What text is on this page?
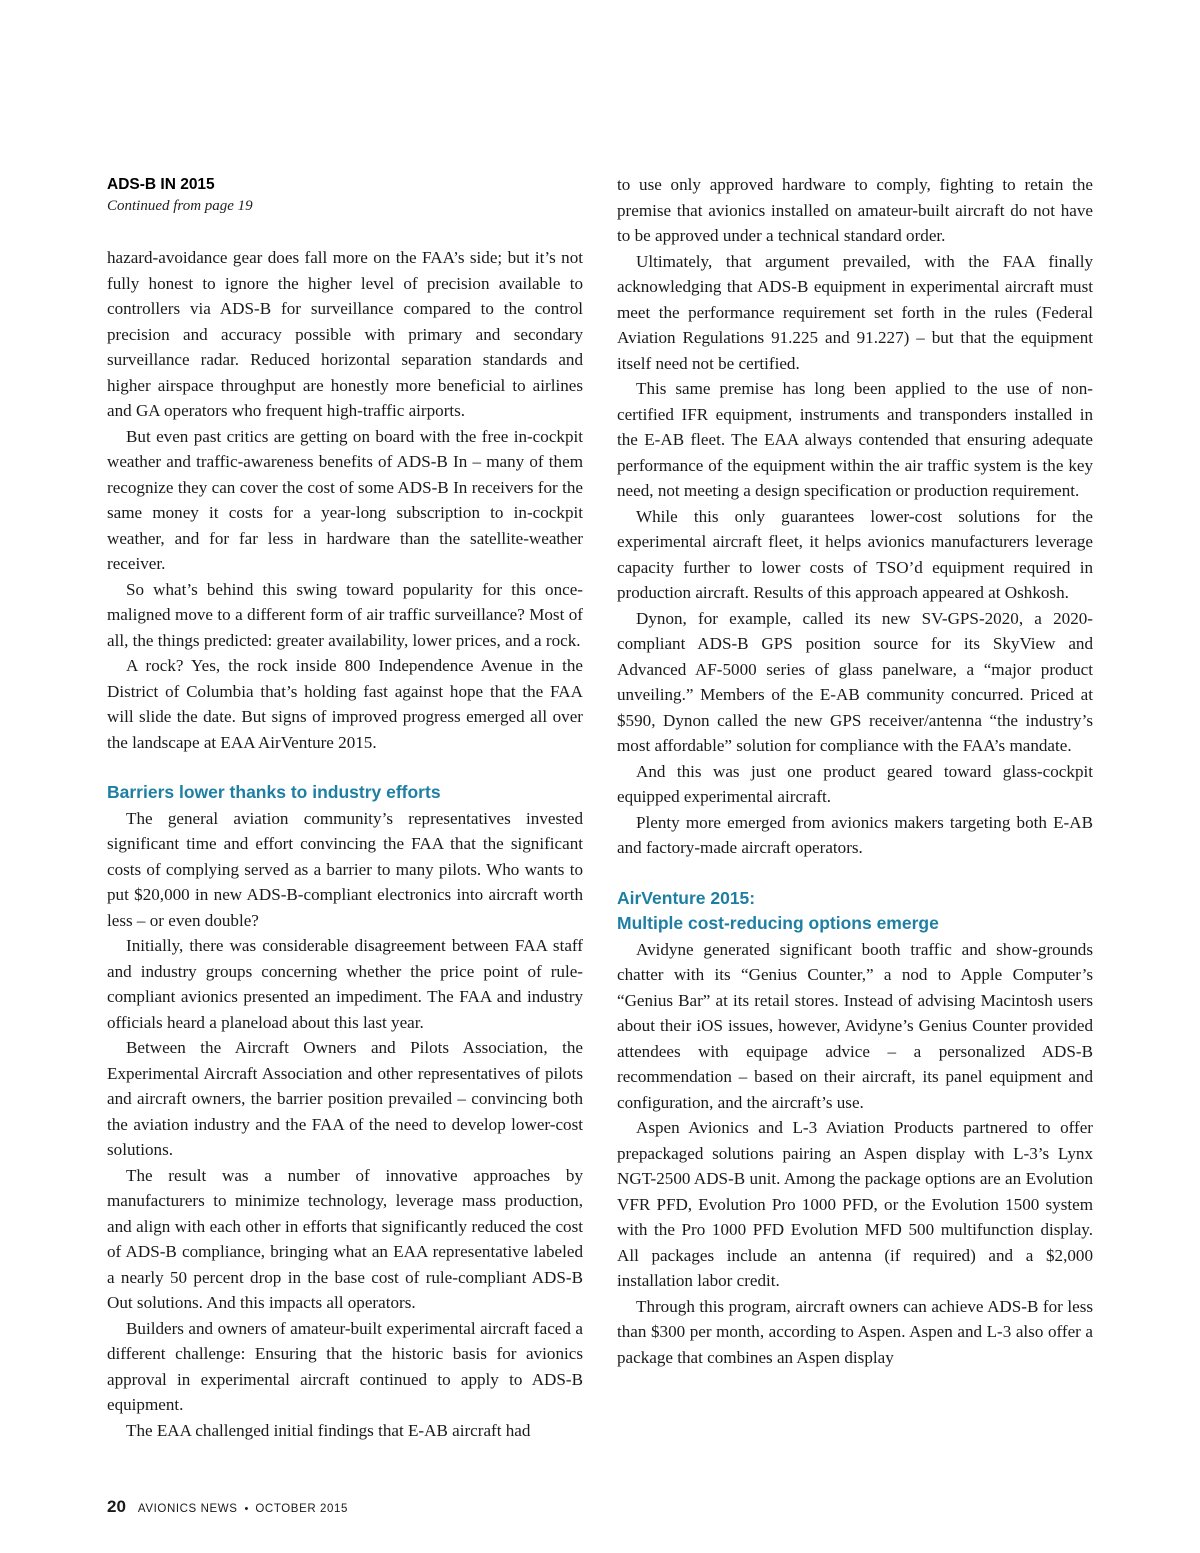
ADS-B IN 2015
Continued from page 19

hazard-avoidance gear does fall more on the FAA’s side; but it’s not fully honest to ignore the higher level of precision available to controllers via ADS-B for surveillance compared to the control precision and accuracy possible with primary and secondary surveillance radar. Reduced horizontal separation standards and higher airspace throughput are honestly more beneficial to airlines and GA operators who frequent high-traffic airports.

But even past critics are getting on board with the free in-cockpit weather and traffic-awareness benefits of ADS-B In – many of them recognize they can cover the cost of some ADS-B In receivers for the same money it costs for a year-long subscription to in-cockpit weather, and for far less in hardware than the satellite-weather receiver.

So what’s behind this swing toward popularity for this once-maligned move to a different form of air traffic surveillance? Most of all, the things predicted: greater availability, lower prices, and a rock.

A rock? Yes, the rock inside 800 Independence Avenue in the District of Columbia that’s holding fast against hope that the FAA will slide the date. But signs of improved progress emerged all over the landscape at EAA AirVenture 2015.

Barriers lower thanks to industry efforts

The general aviation community’s representatives invested significant time and effort convincing the FAA that the significant costs of complying served as a barrier to many pilots. Who wants to put $20,000 in new ADS-B-compliant electronics into aircraft worth less – or even double?

Initially, there was considerable disagreement between FAA staff and industry groups concerning whether the price point of rule-compliant avionics presented an impediment. The FAA and industry officials heard a planeload about this last year.

Between the Aircraft Owners and Pilots Association, the Experimental Aircraft Association and other representatives of pilots and aircraft owners, the barrier position prevailed – convincing both the aviation industry and the FAA of the need to develop lower-cost solutions.

The result was a number of innovative approaches by manufacturers to minimize technology, leverage mass production, and align with each other in efforts that significantly reduced the cost of ADS-B compliance, bringing what an EAA representative labeled a nearly 50 percent drop in the base cost of rule-compliant ADS-B Out solutions. And this impacts all operators.

Builders and owners of amateur-built experimental aircraft faced a different challenge: Ensuring that the historic basis for avionics approval in experimental aircraft continued to apply to ADS-B equipment.

The EAA challenged initial findings that E-AB aircraft had

to use only approved hardware to comply, fighting to retain the premise that avionics installed on amateur-built aircraft do not have to be approved under a technical standard order.

Ultimately, that argument prevailed, with the FAA finally acknowledging that ADS-B equipment in experimental aircraft must meet the performance requirement set forth in the rules (Federal Aviation Regulations 91.225 and 91.227) – but that the equipment itself need not be certified.

This same premise has long been applied to the use of non-certified IFR equipment, instruments and transponders installed in the E-AB fleet. The EAA always contended that ensuring adequate performance of the equipment within the air traffic system is the key need, not meeting a design specification or production requirement.

While this only guarantees lower-cost solutions for the experimental aircraft fleet, it helps avionics manufacturers leverage capacity further to lower costs of TSO’d equipment required in production aircraft. Results of this approach appeared at Oshkosh.

Dynon, for example, called its new SV-GPS-2020, a 2020-compliant ADS-B GPS position source for its SkyView and Advanced AF-5000 series of glass panelware, a “major product unveiling.” Members of the E-AB community concurred. Priced at $590, Dynon called the new GPS receiver/antenna “the industry’s most affordable” solution for compliance with the FAA’s mandate.

And this was just one product geared toward glass-cockpit equipped experimental aircraft.

Plenty more emerged from avionics makers targeting both E-AB and factory-made aircraft operators.

AirVenture 2015:
Multiple cost-reducing options emerge

Avidyne generated significant booth traffic and show-grounds chatter with its “Genius Counter,” a nod to Apple Computer’s “Genius Bar” at its retail stores. Instead of advising Macintosh users about their iOS issues, however, Avidyne’s Genius Counter provided attendees with equipage advice – a personalized ADS-B recommendation – based on their aircraft, its panel equipment and configuration, and the aircraft’s use.

Aspen Avionics and L-3 Aviation Products partnered to offer prepackaged solutions pairing an Aspen display with L-3’s Lynx NGT-2500 ADS-B unit. Among the package options are an Evolution VFR PFD, Evolution Pro 1000 PFD, or the Evolution 1500 system with the Pro 1000 PFD Evolution MFD 500 multifunction display. All packages include an antenna (if required) and a $2,000 installation labor credit.

Through this program, aircraft owners can achieve ADS-B for less than $300 per month, according to Aspen. Aspen and L-3 also offer a package that combines an Aspen display

20 AVIONICS NEWS • OCTOBER 2015
